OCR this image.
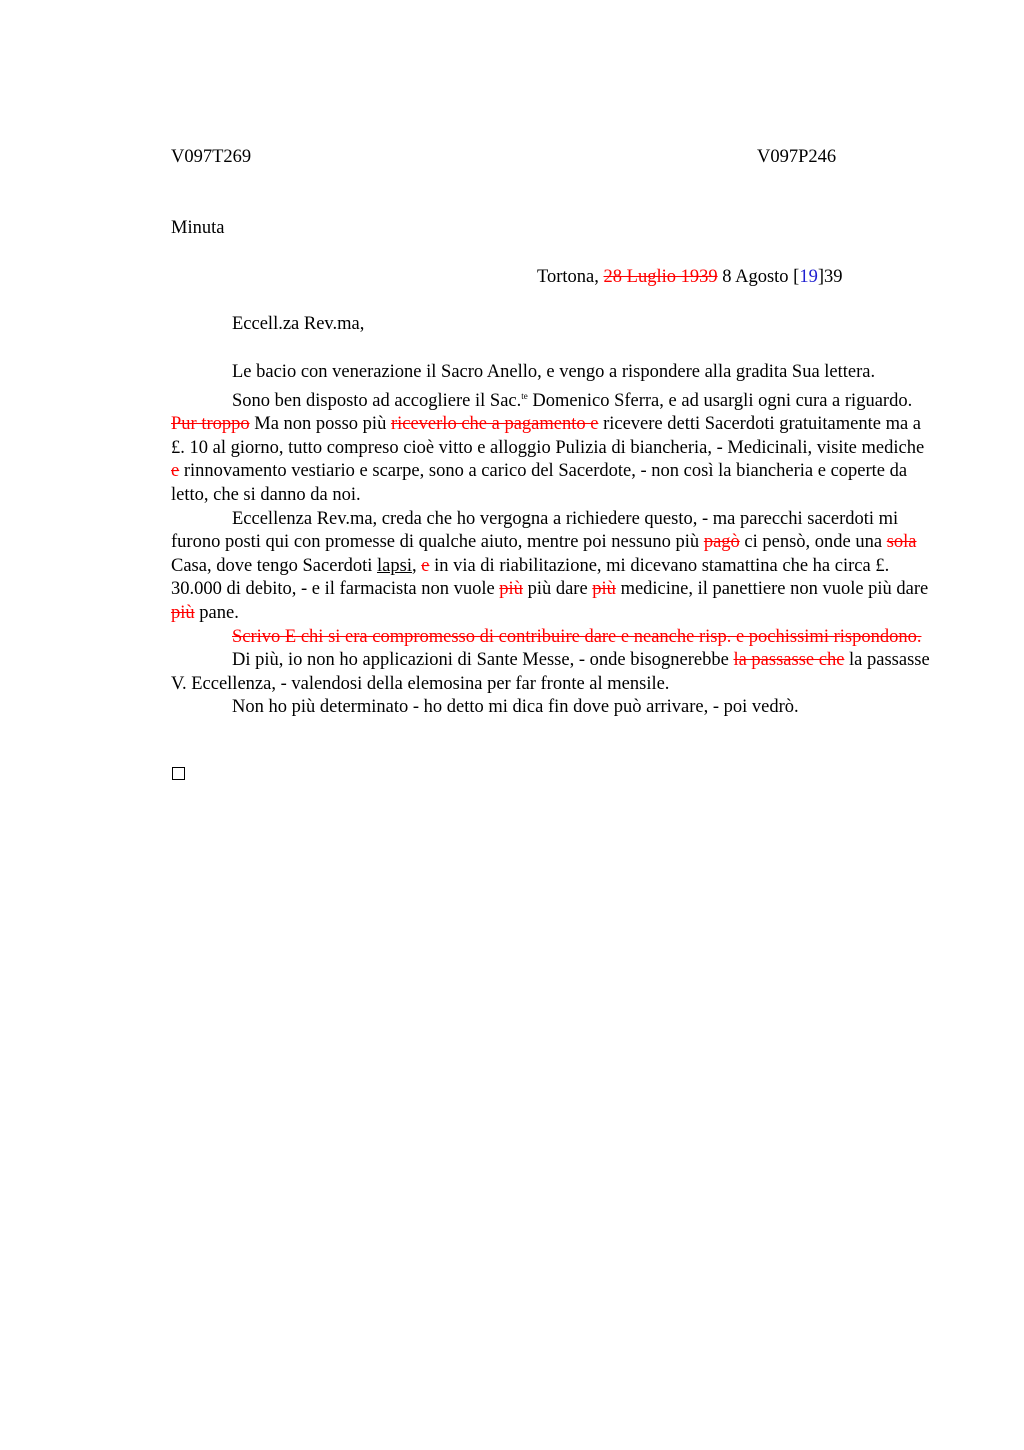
V097T269	V097P246
Minuta
Tortona, 28 Luglio 1939 8 Agosto [19]39
Eccell.za Rev.ma,

Le bacio con venerazione il Sacro Anello, e vengo a rispondere alla gradita Sua lettera.

Sono ben disposto ad accogliere il Sac.$^{te}$ Domenico Sferra, e ad usargli ogni cura a riguardo. Pur troppo Ma non posso più riceverlo che a pagamento e ricevere detti Sacerdoti gratuitamente ma a £. 10 al giorno, tutto compreso cioè vitto e alloggio Pulizia di biancheria, - Medicinali, visite mediche e rinnovamento vestiario e scarpe, sono a carico del Sacerdote, - non così la biancheria e coperte da letto, che si danno da noi.

Eccellenza Rev.ma, creda che ho vergogna a richiedere questo, - ma parecchi sacerdoti mi furono posti qui con promesse di qualche aiuto, mentre poi nessuno più pagò ci pensò, onde una sola Casa, dove tengo Sacerdoti lapsi, e in via di riabilitazione, mi dicevano stamattina che ha circa £. 30.000 di debito, - e il farmacista non vuole più più dare più medicine, il panettiere non vuole più dare più pane.

Scrivo E chi si era compromesso di contribuire dare e neanche risp. e pochissimi rispondono.

Di più, io non ho applicazioni di Sante Messe, - onde bisognerebbe la passasse che la passasse V. Eccellenza, - valendosi della elemosina per far fronte al mensile.

Non ho più determinato - ho detto mi dica fin dove può arrivare, - poi vedrò.
